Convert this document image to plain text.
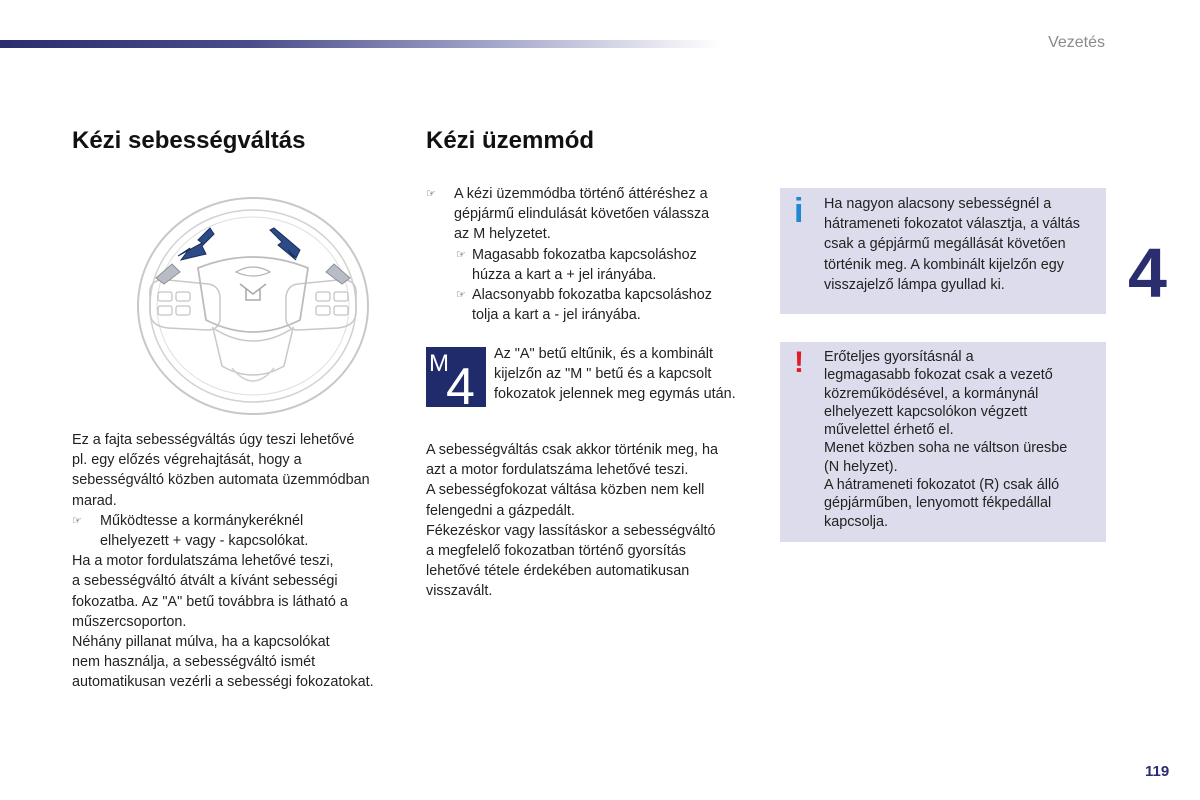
Vezetés
4
119
Kézi sebességváltás	Kézi üzemmód

Ez a fajta sebességváltás úgy teszi lehetővé

pl. egy előzés végrehajtását, hogy a

sebességváltó közben automata üzemmódban

marad.

☞ Működtesse a kormánykeréknél

elhelyezett + vagy - kapcsolókat.

Ha a motor fordulatszáma lehetővé teszi,

a sebességváltó átvált a kívánt sebességi

fokozatba. Az "A" betű továbbra is látható a

műszercsoporton.

Néhány pillanat múlva, ha a kapcsolókat

nem használja, a sebességváltó ismét

automatikusan vezérli a sebességi fokozatokat.

☞ A kézi üzemmódba történő áttéréshez a

gépjármű elindulását követően válassza

az M helyzetet.

☞ Magasabb fokozatba kapcsoláshoz

húzza a kart a + jel irányába.

☞ Alacsonyabb fokozatba kapcsoláshoz

tolja a kart a - jel irányába.

M
4

Az "A" betű eltűnik, és a kombinált

kijelzőn az "M " betű és a kapcsolt

fokozatok jelennek meg egymás után.

A sebességváltás csak akkor történik meg, ha

azt a motor fordulatszáma lehetővé teszi.

A sebességfokozat váltása közben nem kell

felengedni a gázpedált.

Fékezéskor vagy lassításkor a sebességváltó

a megfelelő fokozatban történő gyorsítás

lehetővé tétele érdekében automatikusan

visszavált.

i Ha nagyon alacsony sebességnél a

hátrameneti fokozatot választja, a váltás

csak a gépjármű megállását követően

történik meg. A kombinált kijelzőn egy

visszajelző lámpa gyullad ki.

! Erőteljes gyorsításnál a

legmagasabb fokozat csak a vezető

közreműködésével, a kormánynál

elhelyezett kapcsolókon végzett

művelettel érhető el.

Menet közben soha ne váltson üresbe

(N helyzet).

A hátrameneti fokozatot (R) csak álló

gépjárműben, lenyomott fékpedállal

kapcsolja.
